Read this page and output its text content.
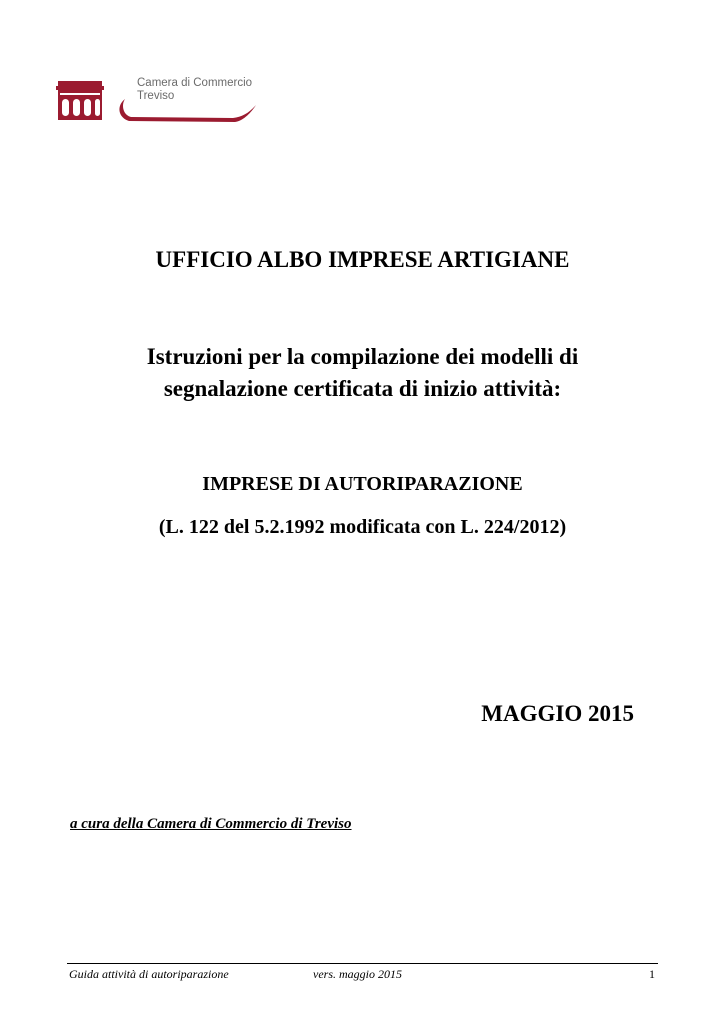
Camera di Commercio
Treviso
UFFICIO ALBO IMPRESE ARTIGIANE
Istruzioni per la compilazione dei modelli di
segnalazione certificata di inizio attività:
IMPRESE DI AUTORIPARAZIONE
(L. 122 del 5.2.1992 modificata con L. 224/2012)
MAGGIO 2015
a cura della Camera di Commercio di Treviso
Guida attività di autoriparazione	vers. maggio 2015	1
